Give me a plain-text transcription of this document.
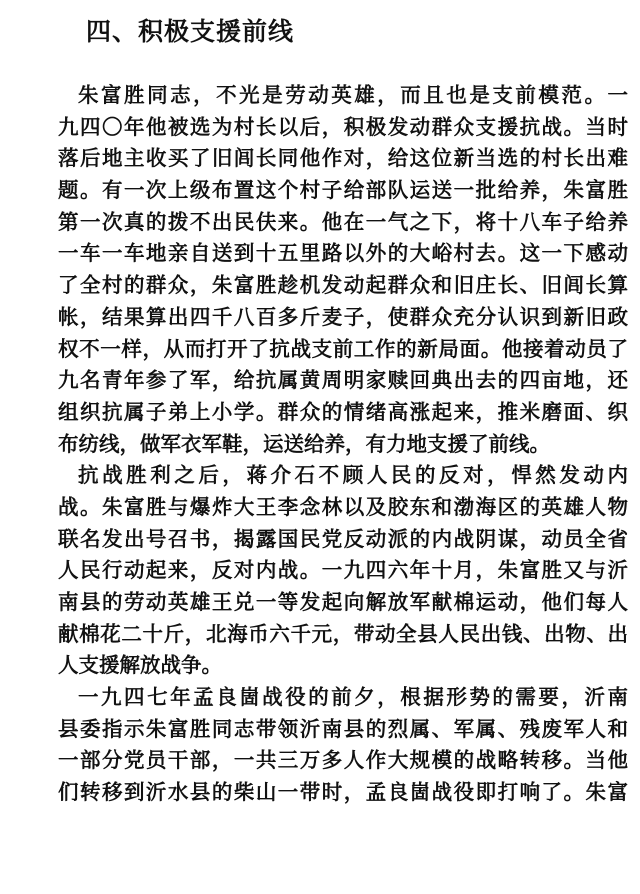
四、积极支援前线
朱富胜同志，不光是劳动英雄，而且也是支前模范。一
九四〇年他被选为村长以后，积极发动群众支援抗战。当时
落后地主收买了旧闾长同他作对，给这位新当选的村长出难
题。有一次上级布置这个村子给部队运送一批给养，朱富胜
第一次真的拨不出民伕来。他在一气之下，将十八车子给养
一车一车地亲自送到十五里路以外的大峪村去。这一下感动
了全村的群众，朱富胜趁机发动起群众和旧庄长、旧闾长算
帐，结果算出四千八百多斤麦子，使群众充分认识到新旧政
权不一样，从而打开了抗战支前工作的新局面。他接着动员了
九名青年参了军，给抗属黄周明家赎回典出去的四亩地，还
组织抗属子弟上小学。群众的情绪高涨起来，推米磨面、织
布纺线，做军衣军鞋，运送给养，有力地支援了前线。
抗战胜利之后，蒋介石不顾人民的反对，悍然发动内
战。朱富胜与爆炸大王李念林以及胶东和渤海区的英雄人物
联名发出号召书，揭露国民党反动派的内战阴谋，动员全省
人民行动起来，反对内战。一九四六年十月，朱富胜又与沂
南县的劳动英雄王兑一等发起向解放军献棉运动，他们每人
献棉花二十斤，北海币六千元，带动全县人民出钱、出物、出
人支援解放战争。
一九四七年孟良崮战役的前夕，根据形势的需要，沂南
县委指示朱富胜同志带领沂南县的烈属、军属、残废军人和
一部分党员干部，一共三万多人作大规模的战略转移。当他
们转移到沂水县的柴山一带时，孟良崮战役即打响了。朱富
